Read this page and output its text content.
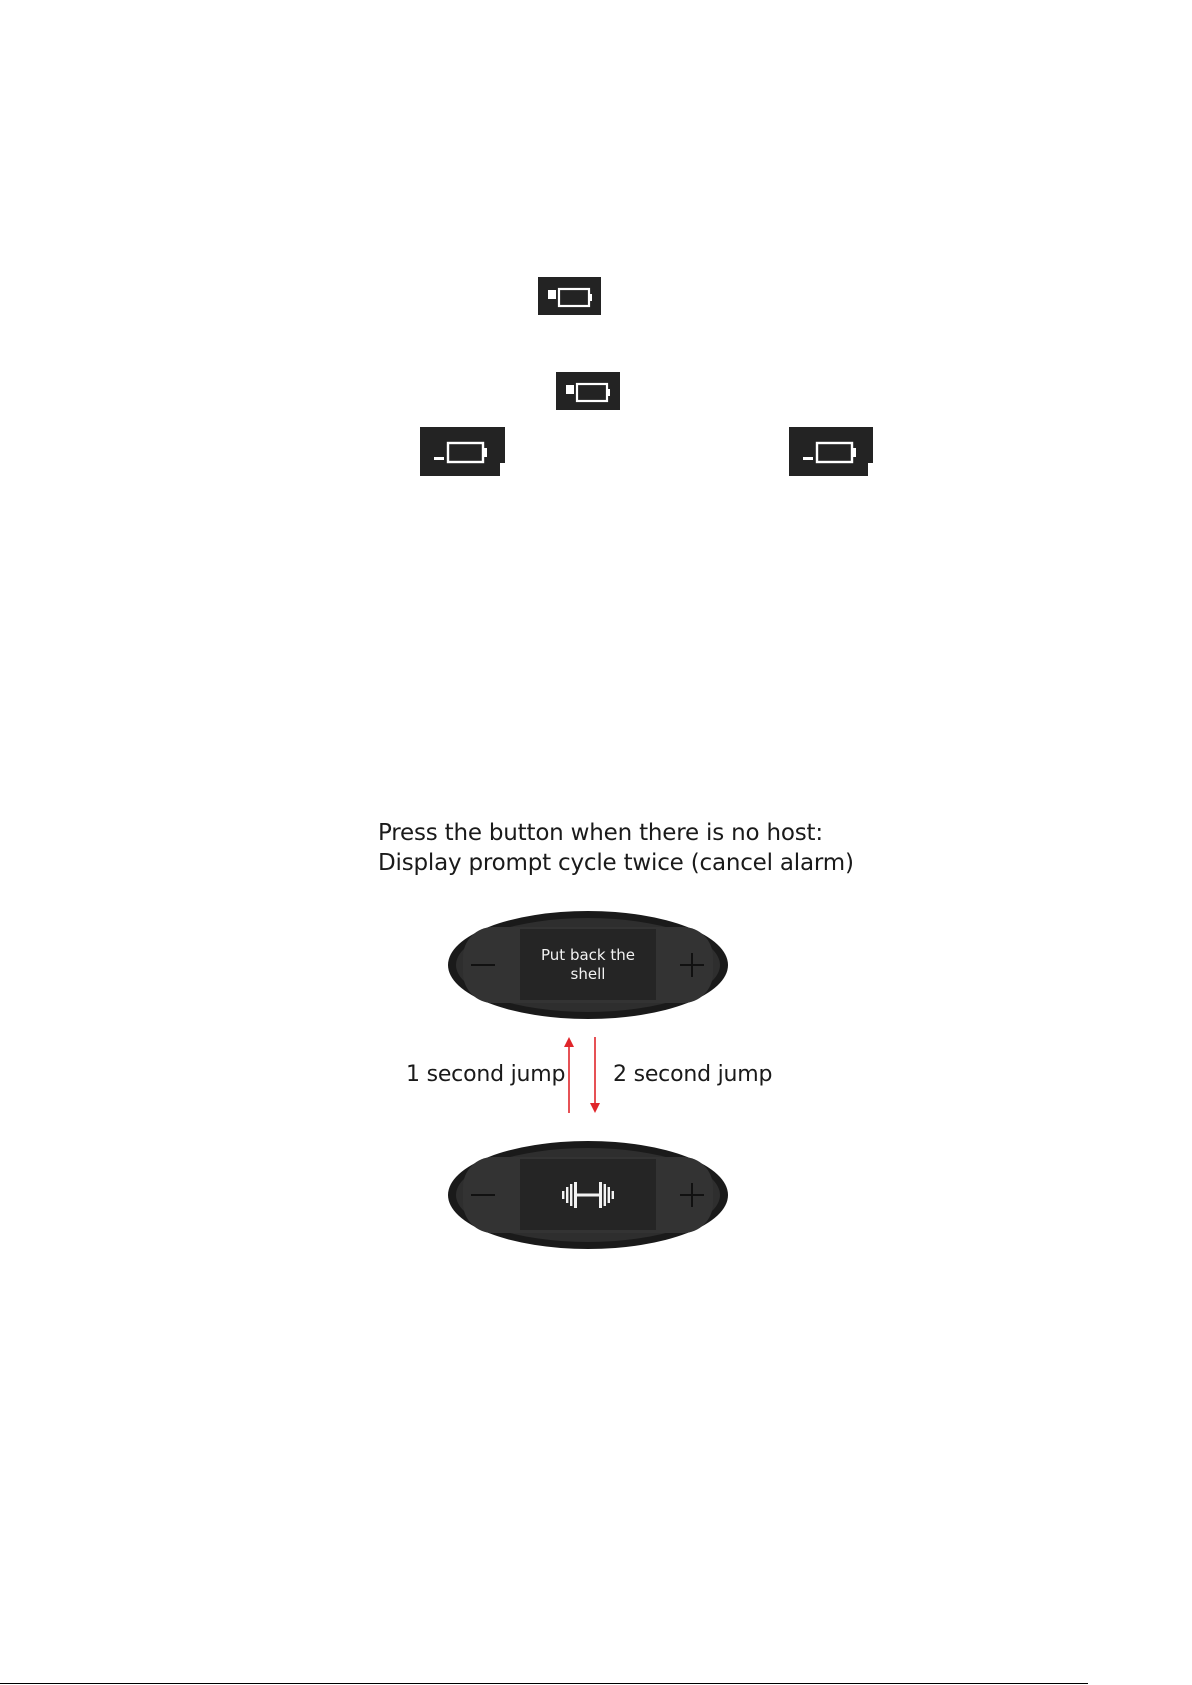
Press the button when there is no host:
Display prompt cycle twice (cancel alarm)
Put back the shell
1 second jump 2 second jump
